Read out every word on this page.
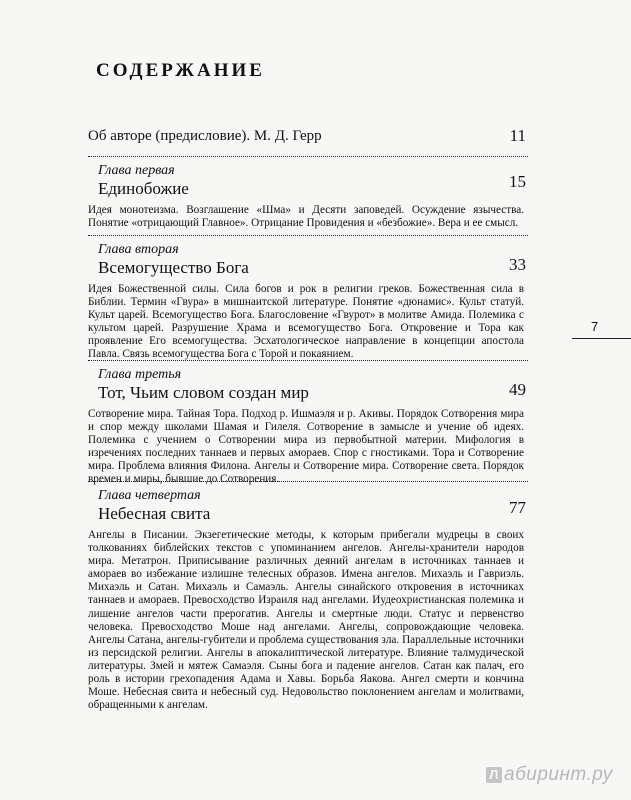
СОДЕРЖАНИЕ
Об авторе (предисловие). М. Д. Герр	11
Глава первая
Единобожие	15
Идея монотеизма. Возглашение «Шма» и Десяти заповедей. Осуждение язычества. Понятие «отрицающий Главное». Отрицание Провидения и «безбожие». Вера и ее смысл.
Глава вторая
Всемогущество Бога	33
Идея Божественной силы. Сила богов и рок в религии греков. Божественная сила в Библии. Термин «Гвура» в мишнаитской литературе. Понятие «дюнамис». Культ статуй. Культ царей. Всемогущество Бога. Благословение «Гвурот» в молитве Амида. Полемика с культом царей. Разрушение Храма и всемогущество Бога. Откровение и Тора как проявление Его всемогущества. Эсхатологическое направление в концепции апостола Павла. Связь всемогущества Бога с Торой и покаянием.
Глава третья
Тот, Чьим словом создан мир	49
Сотворение мира. Тайная Тора. Подход р. Ишмаэля и р. Акивы. Порядок Сотворения мира и спор между школами Шамая и Гилеля. Сотворение в замысле и учение об идеях. Полемика с учением о Сотворении мира из первобытной материи. Мифология в изречениях последних таннаев и первых амораев. Спор с гностиками. Тора и Сотворение мира. Проблема влияния Филона. Ангелы и Сотворение мира. Сотворение света. Порядок времен и миры, бывшие до Сотворения.
Глава четвертая
Небесная свита	77
Ангелы в Писании. Экзегетические методы, к которым прибегали мудрецы в своих толкованиях библейских текстов с упоминанием ангелов. Ангелы-хранители народов мира. Метатрон. Приписывание различных деяний ангелам в источниках таннаев и амораев во избежание излишне телесных образов. Имена ангелов. Михаэль и Гавриэль. Михаэль и Сатан. Михаэль и Самаэль. Ангелы синайского откровения в источниках таннаев и амораев. Превосходство Израиля над ангелами. Иудеохристианская полемика и лишение ангелов части прерогатив. Ангелы и смертные люди. Статус и первенство человека. Превосходство Моше над ангелами. Ангелы, сопровождающие человека. Ангелы Сатана, ангелы-губители и проблема существования зла. Параллельные источники из персидской религии. Ангелы в апокалиптической литературе. Влияние талмудической литературы. Змей и мятеж Самаэля. Сыны бога и падение ангелов. Сатан как палач, его роль в истории грехопадения Адама и Хавы. Борьба Яакова. Ангел смерти и кончина Моше. Небесная свита и небесный суд. Недовольство поклонением ангелам и молитвами, обращенными к ангелам.
7
Л абиринт.ру
